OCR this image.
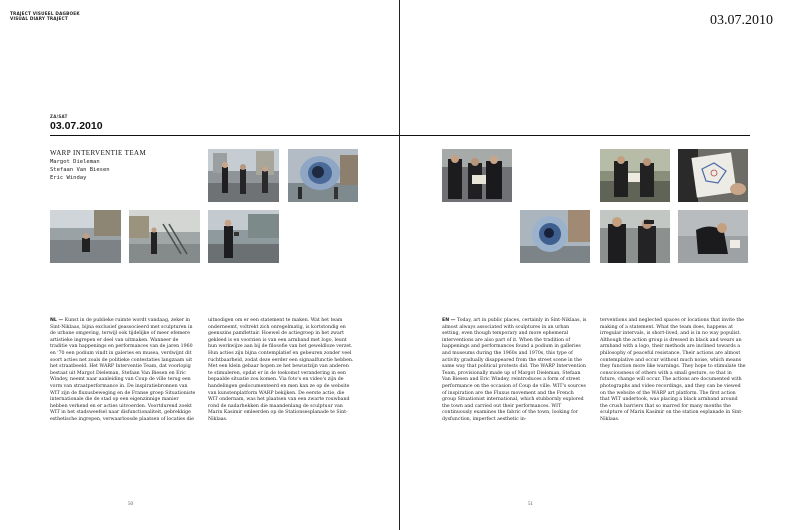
TRAJECT VISUEEL DAGBOEK
VISUAL DIARY TRAJECT	03.07.2010
ZA/SAT
03.07.2010
WARP INTERVENTIE TEAM
Margot Dieleman
Stefaan Van Biesen
Eric Winday
NL — Kunst in de publieke ruimte wordt vandaag, zeker in Sint-Niklaas, bijna exclusief geassocieerd met sculpturen in de urbane omgeving, terwijl ook tijdelijke of meer efemere artistieke ingrepen er deel van uitmaken. Wanneer de traditie van happenings en performances van de jaren 1960 en '70 een podium vindt in galeries en musea, verdwijnt dit soort acties net zoals de politieke contestaties langzaam uit het straatbeeld. Het WARP Interventie Team, dat voorlopig bestaat uit Margot Dieleman, Stefaan Van Biesen en Eric Windey, neemt naar aanleiding van Coup de ville terug een vorm van straatperformance in. De inspiratiebronnen van WIT zijn de fluxusbeweging en de Franse groep Situationiste internationale die de stad op een eigenzinnige manier hebben verkend en er acties uitvoerden. Voortdurend zoekt WIT in het stadsweefsel naar disfunctionaliteit, gebrekkige esthetische ingrepen, verwaarloosde plaatsen of locaties die
uitnodigen om er een statement te maken. Wat het team onderneemt, voltrekt zich onregelmatig, is kortstondig en geenszins pamflettair. Hoewel de actiegroep in het zwart gekleed is en voorzien is van een armband met logo, leunt hun werkwijze aan bij de filosofie van het geweldloze verzet. Hun acties zijn bijna contemplatief en gebeuren zonder veel ruchtbaarheid, zodat deze eerder een signaalfunctie hebben. Met een klein gebaar hopen ze het bewustzijn van anderen te stimuleren, opdat er in de toekomst verandering in een bepaalde situatie zou komen. Via foto's en video's zijn de handelingen gedocumenteerd en men kan ze op de website van kunstenplatform WARP bekijken. De eerste actie, die WIT ondernam, was het plaatsen van een zwarte rouwband rond de nadarhekken die maandenlang de sculptuur van Marin Kasimir omleerden op de Stationsesplanade te Sint-Niklaas.
EN — Today, art in public places, certainly in Sint-Niklaas, is almost always associated with sculptures in an urban setting, even though temporary and more ephemeral interventions are also part of it. When the tradition of happenings and performances found a podium in galleries and museums during the 1960s and 1970s, this type of activity gradually disappeared from the street scene in the same way that political protests did. The WARP Intervention Team, provisionally made up of Margot Dieleman, Stefaan Van Biesen and Eric Windey, reintroduces a form of street performance on the occasion of Coup de ville. WIT's sources of inspiration are the Fluxus movement and the French group Situationist international, which stubbornly explored the town and carried out their performances. WIT continuously examines the fabric of the town, looking for dysfunction, imperfect aesthetic in-
terventions and neglected spaces or locations that invite the making of a statement. What the team does, happens at irregular intervals, is short-lived, and is in no way populist. Although the action group is dressed in black and wears an armband with a logo, their methods are inclined towards a philosophy of peaceful resistance. Their actions are almost contemplative and occur without much noise, which means they function more like warnings. They hope to stimulate the consciousness of others with a small gesture, so that in future, change will occur. The actions are documented with photographs and video recordings, and they can be viewed on the website of the WARP art platform. The first action that WIT undertook, was placing a black armband around the crush barriers that so marred for many months the sculpture of Marin Kasimir on the station esplanade in Sint-Niklaas.
50	51
